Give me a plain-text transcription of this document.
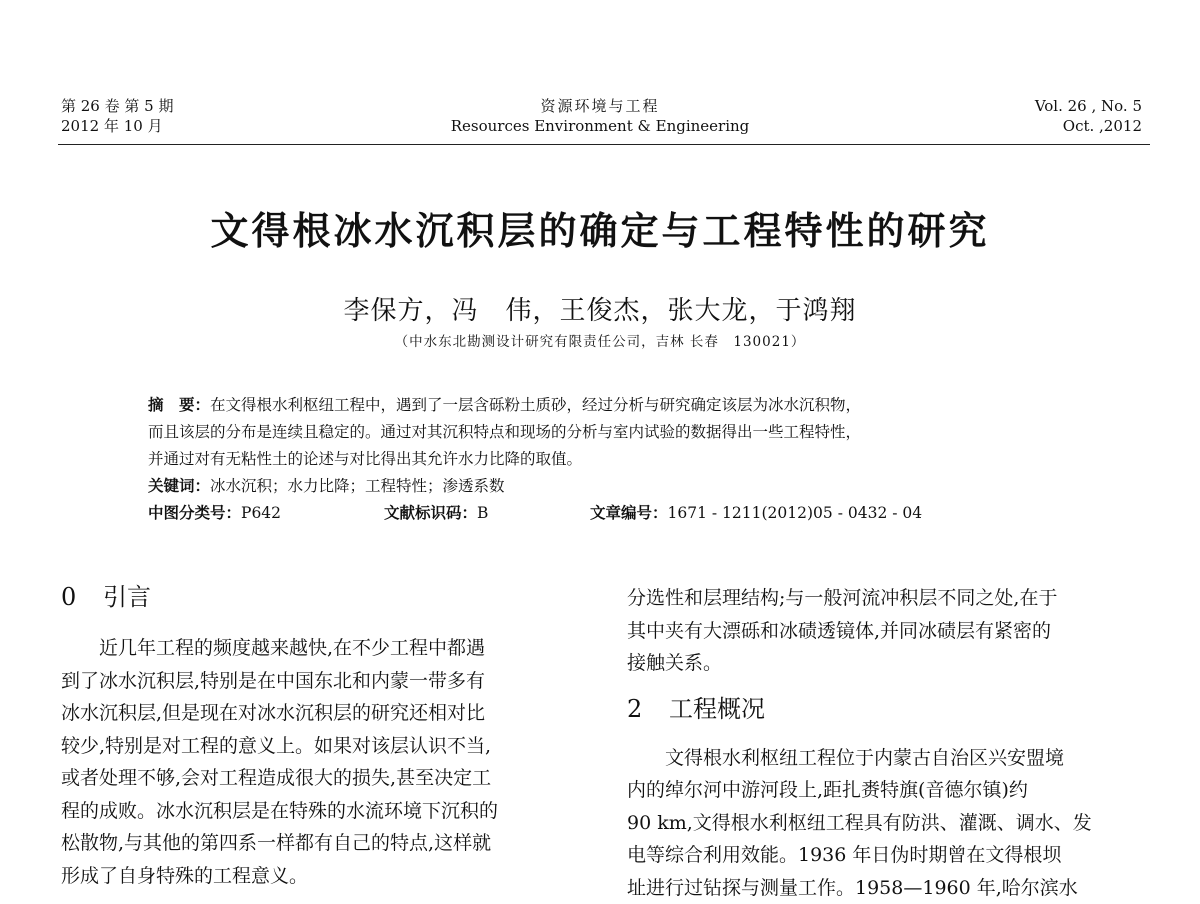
第 26 卷 第 5 期
2012 年 10 月
资源环境与工程
Resources Environment & Engineering
Vol. 26 , No. 5
Oct. ,2012
文得根冰水沉积层的确定与工程特性的研究
李保方，冯　伟，王俊杰，张大龙，于鸿翔
（中水东北勘测设计研究有限责任公司，吉林 长春　130021）

摘　要：在文得根水利枢纽工程中，遇到了一层含砾粉土质砂，经过分析与研究确定该层为冰水沉积物，

而且该层的分布是连续且稳定的。通过对其沉积特点和现场的分析与室内试验的数据得出一些工程特性，

并通过对有无粘性土的论述与对比得出其允许水力比降的取值。

关键词：冰水沉积；水力比降；工程特性；渗透系数

中图分类号：P642	文献标识码：B	文章编号：1671 - 1211(2012)05 - 0432 - 04

0 引言

近几年工程的频度越来越快,在不少工程中都遇

到了冰水沉积层,特别是在中国东北和内蒙一带多有

冰水沉积层,但是现在对冰水沉积层的研究还相对比

较少,特别是对工程的意义上。如果对该层认识不当,

或者处理不够,会对工程造成很大的损失,甚至决定工

程的成败。冰水沉积层是在特殊的水流环境下沉积的

松散物,与其他的第四系一样都有自己的特点,这样就

形成了自身特殊的工程意义。

分选性和层理结构;与一般河流冲积层不同之处,在于

其中夹有大漂砾和冰碛透镜体,并同冰碛层有紧密的

接触关系。

2 工程概况

文得根水利枢纽工程位于内蒙古自治区兴安盟境

内的绰尔河中游河段上,距扎赉特旗(音德尔镇)约

90 km,文得根水利枢纽工程具有防洪、灌溉、调水、发

电等综合利用效能。1936 年日伪时期曾在文得根坝

址进行过钻探与测量工作。1958—1960 年,哈尔滨水
